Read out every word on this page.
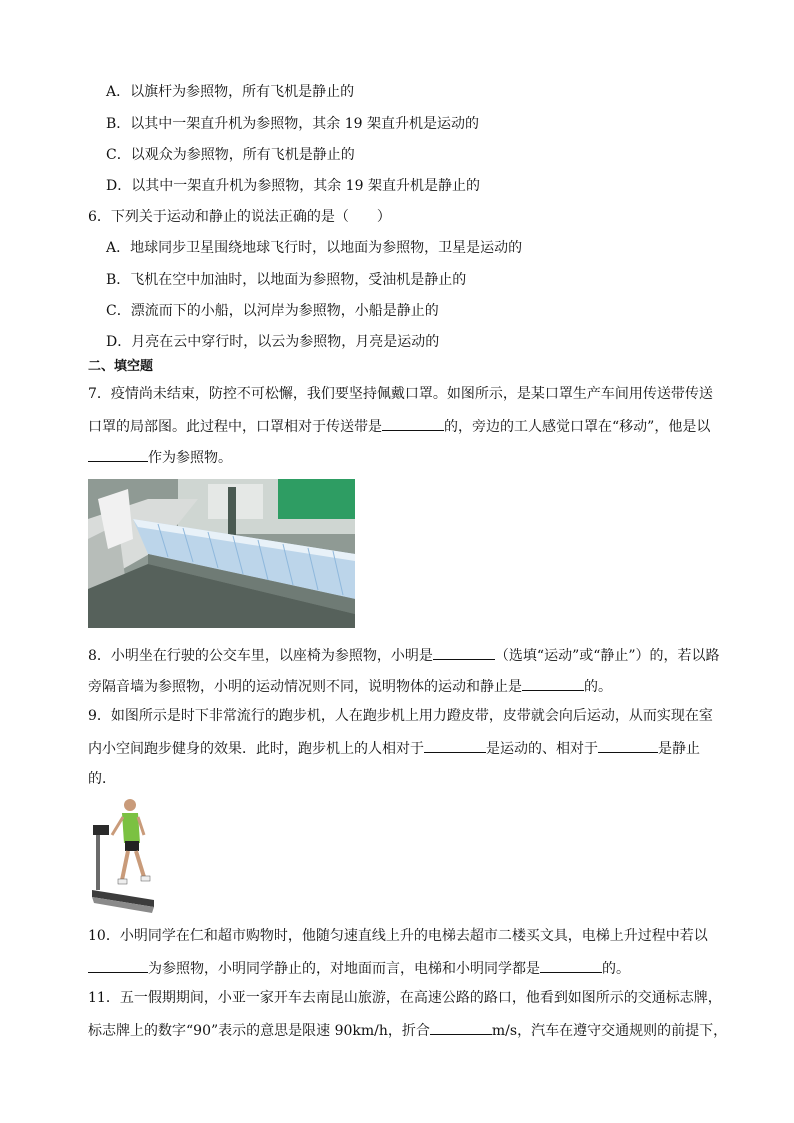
A．以旗杆为参照物，所有飞机是静止的
B．以其中一架直升机为参照物，其余 19 架直升机是运动的
C．以观众为参照物，所有飞机是静止的
D．以其中一架直升机为参照物，其余 19 架直升机是静止的
6．下列关于运动和静止的说法正确的是（　　）
A．地球同步卫星围绕地球飞行时，以地面为参照物，卫星是运动的
B．飞机在空中加油时，以地面为参照物，受油机是静止的
C．漂流而下的小船，以河岸为参照物，小船是静止的
D．月亮在云中穿行时，以云为参照物，月亮是运动的
二、填空题
7．疫情尚未结束，防控不可松懈，我们要坚持佩戴口罩。如图所示，是某口罩生产车间用传送带传送
口罩的局部图。此过程中，口罩相对于传送带是	的，旁边的工人感觉口罩在“移动”，他是以
作为参照物。
8．小明坐在行驶的公交车里，以座椅为参照物，小明是	（选填“运动”或“静止”）的，若以路
旁隔音墙为参照物，小明的运动情况则不同，说明物体的运动和静止是	的。
9．如图所示是时下非常流行的跑步机，人在跑步机上用力蹬皮带，皮带就会向后运动，从而实现在室
内小空间跑步健身的效果．此时，跑步机上的人相对于	是运动的、相对于	是静止
的．
10．小明同学在仁和超市购物时，他随匀速直线上升的电梯去超市二楼买文具，电梯上升过程中若以
为参照物，小明同学静止的，对地面而言，电梯和小明同学都是	的。
11．五一假期期间，小亚一家开车去南昆山旅游，在高速公路的路口，他看到如图所示的交通标志牌，
标志牌上的数字“90”表示的意思是限速 90km/h，折合	m/s，汽车在遵守交通规则的前提下，
